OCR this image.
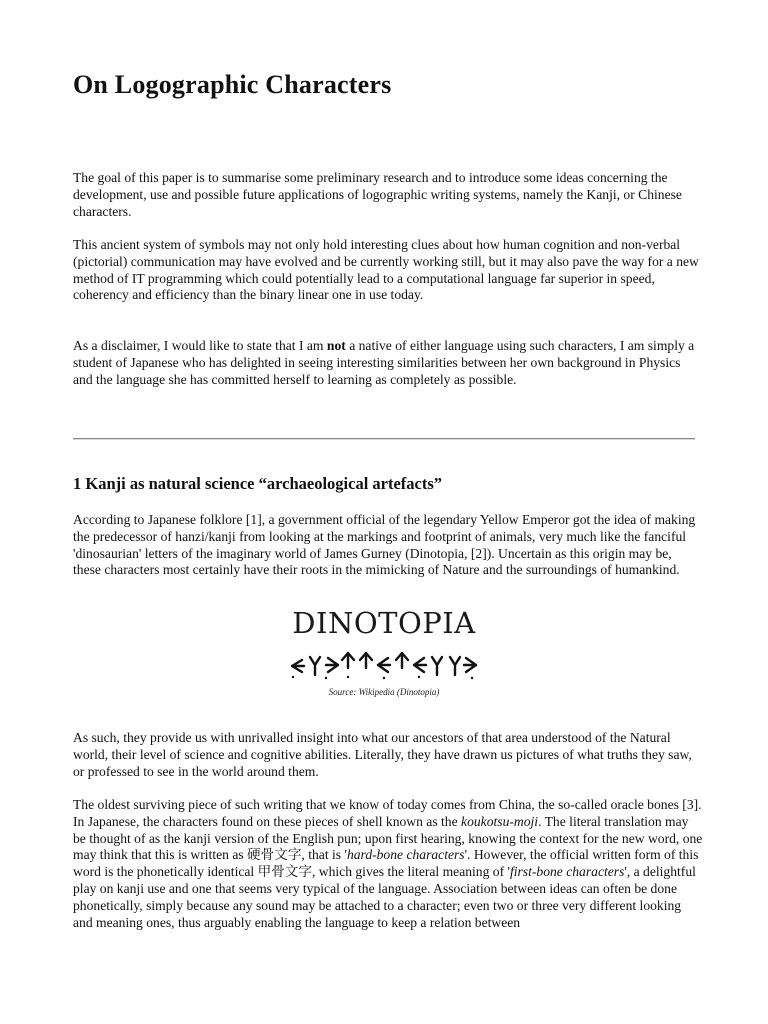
On Logographic Characters

The goal of this paper is to summarise some preliminary research and to introduce some ideas concerning the development, use and possible future applications of logographic writing systems, namely the Kanji, or Chinese characters.

This ancient system of symbols may not only hold interesting clues about how human cognition and non-verbal (pictorial) communication may have evolved and be currently working still, but it may also pave the way for a new method of IT programming which could potentially lead to a computational language far superior in speed, coherency and efficiency than the binary linear one in use today.

As a disclaimer, I would like to state that I am not a native of either language using such characters, I am simply a student of Japanese who has delighted in seeing interesting similarities between her own background in Physics and the language she has committed herself to learning as completely as possible.

1 Kanji as natural science “archaeological artefacts”

According to Japanese folklore [1], a government official of the legendary Yellow Emperor got the idea of making the predecessor of hanzi/kanji from looking at the markings and footprint of animals, very much like the fanciful 'dinosaurian' letters of the imaginary world of James Gurney (Dinotopia, [2]). Uncertain as this origin may be, these characters most certainly have their roots in the mimicking of Nature and the surroundings of humankind.

DINOTOPIA
Source: Wikipedia (Dinotopia)

As such, they provide us with unrivalled insight into what our ancestors of that area understood of the Natural world, their level of science and cognitive abilities. Literally, they have drawn us pictures of what truths they saw, or professed to see in the world around them.

The oldest surviving piece of such writing that we know of today comes from China, the so-called oracle bones [3]. In Japanese, the characters found on these pieces of shell known as the koukotsu-moji. The literal translation may be thought of as the kanji version of the English pun; upon first hearing, knowing the context for the new word, one may think that this is written as 硬骨文字, that is 'hard-bone characters'. However, the official written form of this word is the phonetically identical 甲骨文字, which gives the literal meaning of 'first-bone characters', a delightful play on kanji use and one that seems very typical of the language. Association between ideas can often be done phonetically, simply because any sound may be attached to a character; even two or three very different looking and meaning ones, thus arguably enabling the language to keep a relation between
